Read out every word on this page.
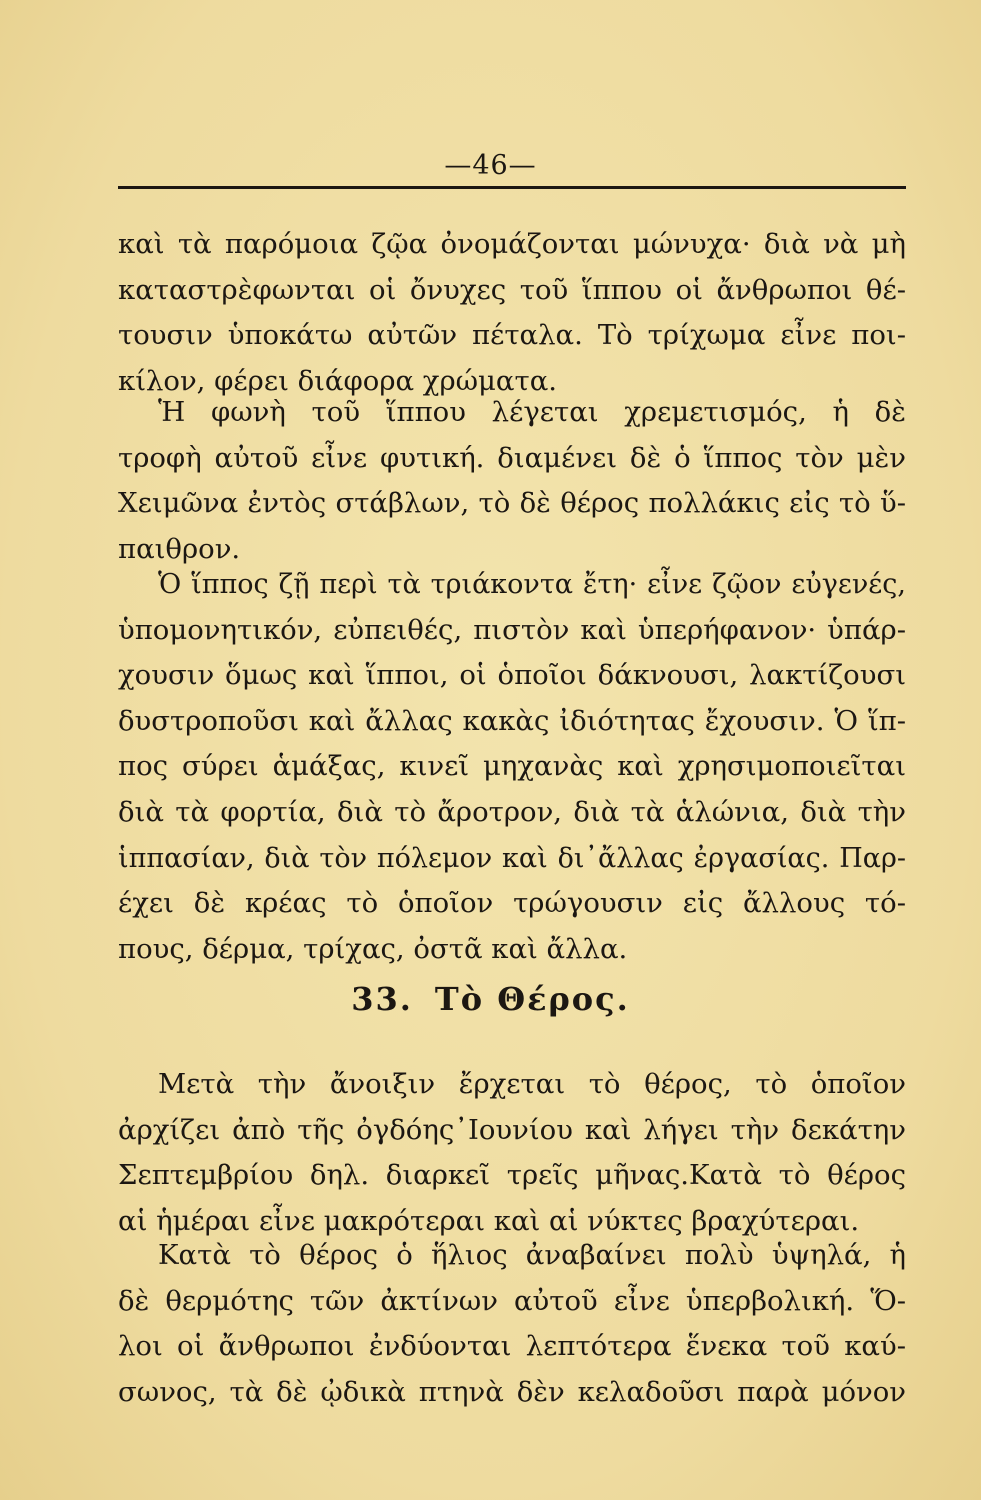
—46—
καὶ τὰ παρόμοια ζῷα ὀνομάζονται μώνυχα· διὰ νὰ μὴ
καταστρὲφωνται οἱ ὄνυχες τοῦ ἵππου οἱ ἄνθρωποι θέ-
τουσιν ὑποκάτω αὐτῶν πέταλα. Τὸ τρίχωμα εἶνε ποι-
κίλον, φέρει διάφορα χρώματα.
Ἡ φωνὴ τοῦ ἵππου λέγεται χρεμετισμός, ἡ δὲ
τροφὴ αὐτοῦ εἶνε φυτική. διαμένει δὲ ὁ ἵππος τὸν μὲν
Χειμῶνα ἐντὸς στάβλων, τὸ δὲ θέρος πολλάκις εἰς τὸ ὕ-
παιθρον.
Ὁ ἵππος ζῇ περὶ τὰ τριάκοντα ἔτη· εἶνε ζῷον εὐγενές,
ὑπομονητικόν, εὐπειθές, πιστὸν καὶ ὑπερήφανον· ὑπάρ-
χουσιν ὅμως καὶ ἵπποι, οἱ ὁποῖοι δάκνουσι, λακτίζουσι
δυστροποῦσι καὶ ἄλλας κακὰς ἰδιότητας ἔχουσιν. Ὁ ἵπ-
πος σύρει ἁμάξας, κινεῖ μηχανὰς καὶ χρησιμοποιεῖται
διὰ τὰ φορτία, διὰ τὸ ἄροτρον, διὰ τὰ ἁλώνια, διὰ τὴν
ἱππασίαν, διὰ τὸν πόλεμον καὶ δι᾿ἄλλας ἐργασίας. Παρ-
έχει δὲ κρέας τὸ ὁποῖον τρώγουσιν εἰς ἄλλους τό-
πους, δέρμα, τρίχας, ὀστᾶ καὶ ἄλλα.
33. Τὸ Θέρος.
Μετὰ τὴν ἄνοιξιν ἔρχεται τὸ θέρος, τὸ ὁποῖον
ἀρχίζει ἀπὸ τῆς ὀγδόης᾿Ιουνίου καὶ λήγει τὴν δεκάτην
Σεπτεμβρίου δηλ. διαρκεῖ τρεῖς μῆνας.Κατὰ τὸ θέρος
αἱ ἡμέραι εἶνε μακρότεραι καὶ αἱ νύκτες βραχύτεραι.
Κατὰ τὸ θέρος ὁ ἥλιος ἀναβαίνει πολὺ ὑψηλά, ἡ
δὲ θερμότης τῶν ἀκτίνων αὐτοῦ εἶνε ὑπερβολική. Ὅ-
λοι οἱ ἄνθρωποι ἐνδύονται λεπτότερα ἕνεκα τοῦ καύ-
σωνος, τὰ δὲ ᾠδικὰ πτηνὰ δὲν κελαδοῦσι παρὰ μόνον
